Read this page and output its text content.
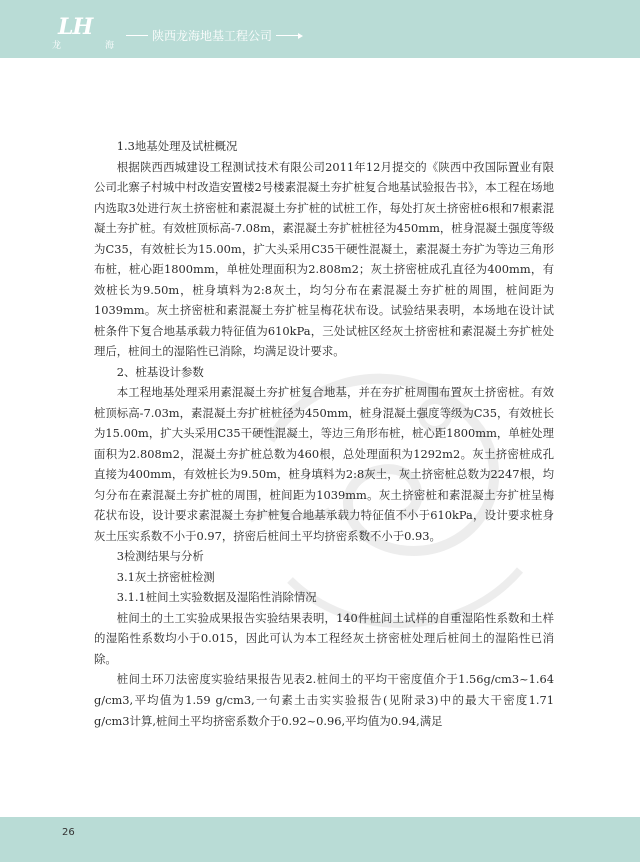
LH
龙	海
陕西龙海地基工程公司

1.3地基处理及试桩概况

根据陕西西城建设工程测试技术有限公司2011年12月提交的《陕西中孜国际置业有限公司北寨子村城中村改造安置楼2号楼素混凝土夯扩桩复合地基试验报告书》，本工程在场地内选取3处进行灰土挤密桩和素混凝土夯扩桩的试桩工作，每处打灰土挤密桩6根和7根素混凝土夯扩桩。有效桩顶标高-7.08m，素混凝土夯扩桩桩径为450mm，桩身混凝土强度等级为C35，有效桩长为15.00m，扩大头采用C35干硬性混凝土，素混凝土夯扩为等边三角形布桩，桩心距1800mm，单桩处理面积为2.808m2；灰土挤密桩成孔直径为400mm，有效桩长为9.50m，桩身填料为2:8灰土，均匀分布在素混凝土夯扩桩的周围，桩间距为1039mm。灰土挤密桩和素混凝土夯扩桩呈梅花状布设。试验结果表明，本场地在设计试桩条件下复合地基承载力特征值为610kPa，三处试桩区经灰土挤密桩和素混凝土夯扩桩处理后，桩间土的湿陷性已消除，均满足设计要求。

2、桩基设计参数

本工程地基处理采用素混凝土夯扩桩复合地基，并在夯扩桩周围布置灰土挤密桩。有效桩顶标高-7.03m，素混凝土夯扩桩桩径为450mm，桩身混凝土强度等级为C35，有效桩长为15.00m，扩大头采用C35干硬性混凝土，等边三角形布桩，桩心距1800mm，单桩处理面积为2.808m2，混凝土夯扩桩总数为460根，总处理面积为1292m2。灰土挤密桩成孔直接为400mm，有效桩长为9.50m，桩身填料为2:8灰土，灰土挤密桩总数为2247根，均匀分布在素混凝土夯扩桩的周围，桩间距为1039mm。灰土挤密桩和素混凝土夯扩桩呈梅花状布设，设计要求素混凝土夯扩桩复合地基承载力特征值不小于610kPa，设计要求桩身灰土压实系数不小于0.97，挤密后桩间土平均挤密系数不小于0.93。

3检测结果与分析

3.1灰土挤密桩检测

3.1.1桩间土实验数据及湿陷性消除情况

桩间土的土工实验成果报告实验结果表明，140件桩间土试样的自重湿陷性系数和土样的湿陷性系数均小于0.015，因此可认为本工程经灰土挤密桩处理后桩间土的湿陷性已消除。

桩间土环刀法密度实验结果报告见表2.桩间土的平均干密度值介于1.56g/cm3~1.64 g/cm3,平均值为1.59 g/cm3,一句素土击实实验报告(见附录3)中的最大干密度1.71 g/cm3计算,桩间土平均挤密系数介于0.92~0.96,平均值为0.94,满足

26
